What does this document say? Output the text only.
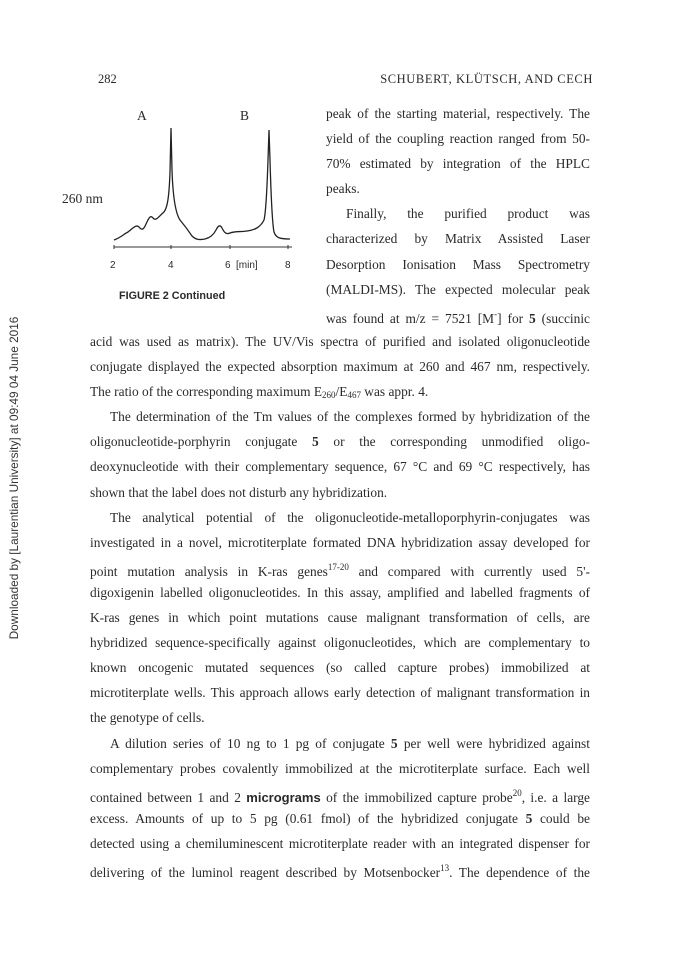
282	SCHUBERT, KLÜTSCH, AND CECH
Downloaded by [Laurentian University] at 09:49 04 June 2016
A	B
260 nm
2	4	6 [min]	8
FIGURE 2 Continued
peak of the starting material, respectively. The
yield of the coupling reaction ranged from 50-
70% estimated by integration of the HPLC
peaks.
Finally, the purified product was
characterized by Matrix Assisted Laser
Desorption Ionisation Mass Spectrometry
(MALDI-MS). The expected molecular peak
was found at m/z = 7521 [M-] for 5 (succinic
acid was used as matrix). The UV/Vis spectra of purified and isolated oligonucleotide
conjugate displayed the expected absorption maximum at 260 and 467 nm, respectively.
The ratio of the corresponding maximum $E_{260}/E_{467}$ was appr. 4.
The determination of the Tm values of the complexes formed by hybridization of the
oligonucleotide-porphyrin conjugate 5 or the corresponding unmodified oligo-
deoxynucleotide with their complementary sequence, 67 °C and 69 °C respectively, has
shown that the label does not disturb any hybridization.
The analytical potential of the oligonucleotide-metalloporphyrin-conjugates was
investigated in a novel, microtiterplate formated DNA hybridization assay developed for
point mutation analysis in K-ras genes$^{17-20}$ and compared with currently used 5'-
digoxigenin labelled oligonucleotides. In this assay, amplified and labelled fragments of
K-ras genes in which point mutations cause malignant transformation of cells, are
hybridized sequence-specifically against oligonucleotides, which are complementary to
known oncogenic mutated sequences (so called capture probes) immobilized at
microtiterplate wells. This approach allows early detection of malignant transformation in
the genotype of cells.
A dilution series of 10 ng to 1 pg of conjugate 5 per well were hybridized against
complementary probes covalently immobilized at the microtiterplate surface. Each well
contained between 1 and 2 micrograms of the immobilized capture probe$^{20}$, i.e. a large
excess. Amounts of up to 5 pg (0.61 fmol) of the hybridized conjugate 5 could be
detected using a chemiluminescent microtiterplate reader with an integrated dispenser for
delivering of the luminol reagent described by Motsenbocker$^{13}$. The dependence of the
